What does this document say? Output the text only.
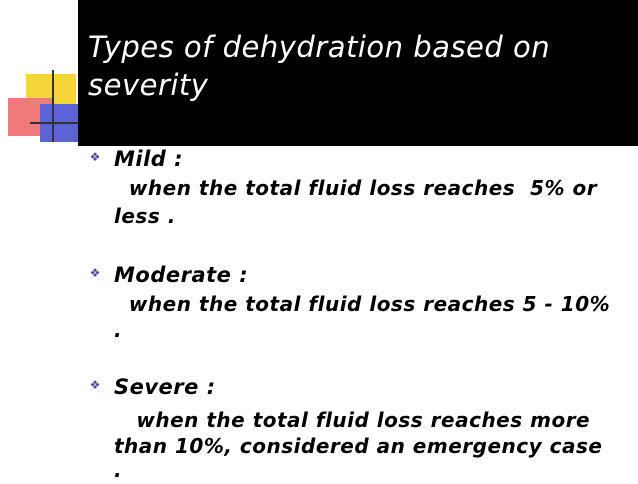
Types of dehydration based on
severity
❖ Mild :
when the total fluid loss reaches  5% or
less .
❖ Moderate :
when the total fluid loss reaches 5 - 10%
.
❖ Severe :
when the total fluid loss reaches more
than 10%, considered an emergency case
.
